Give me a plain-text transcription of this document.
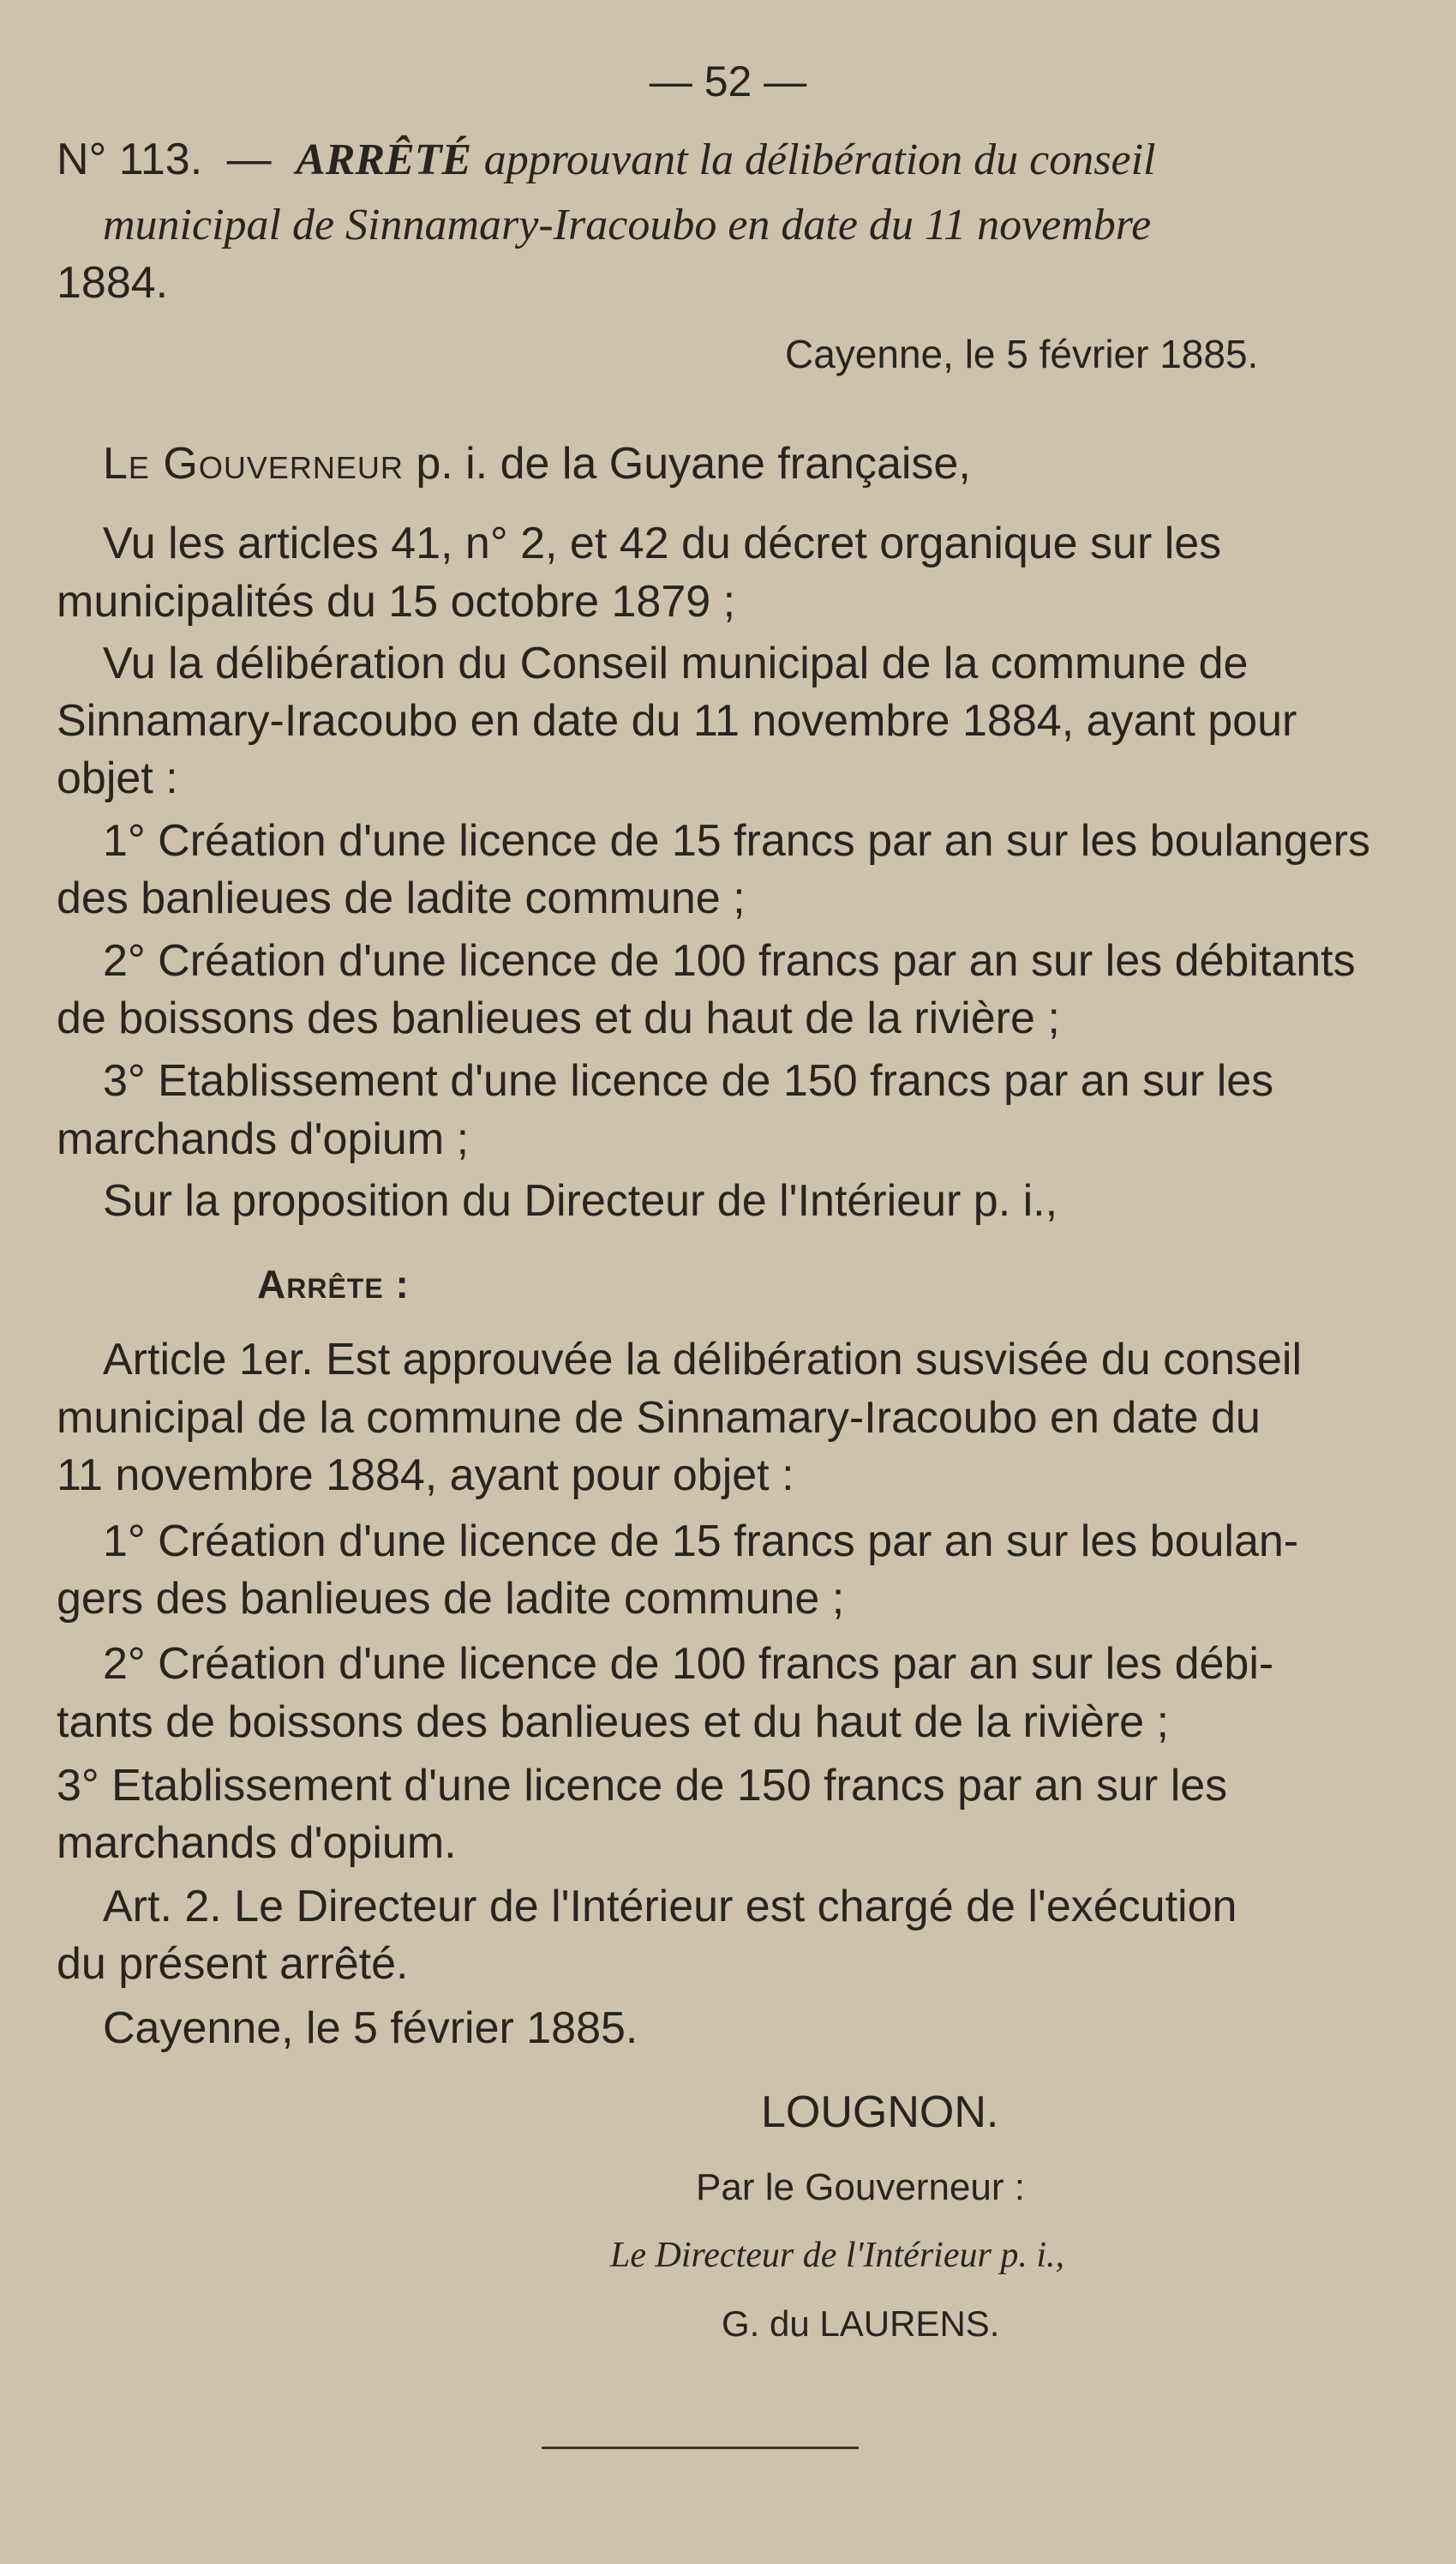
— 52 —
N° 113. — ARRÊTÉ approuvant la délibération du conseil
municipal de Sinnamary-Iracoubo en date du 11 novembre
1884.
Cayenne, le 5 février 1885.
Le Gouverneur p. i. de la Guyane française,
Vu les articles 41, n° 2, et 42 du décret organique sur les
municipalités du 15 octobre 1879 ;
Vu la délibération du Conseil municipal de la commune de
Sinnamary-Iracoubo en date du 11 novembre 1884, ayant pour
objet :
1° Création d'une licence de 15 francs par an sur les boulangers
des banlieues de ladite commune ;
2° Création d'une licence de 100 francs par an sur les débitants
de boissons des banlieues et du haut de la rivière ;
3° Etablissement d'une licence de 150 francs par an sur les
marchands d'opium ;
Sur la proposition du Directeur de l'Intérieur p. i.,
Arrête :
Article 1er. Est approuvée la délibération susvisée du conseil
municipal de la commune de Sinnamary-Iracoubo en date du
11 novembre 1884, ayant pour objet :
1° Création d'une licence de 15 francs par an sur les boulan-
gers des banlieues de ladite commune ;
2° Création d'une licence de 100 francs par an sur les débi-
tants de boissons des banlieues et du haut de la rivière ;
3° Etablissement d'une licence de 150 francs par an sur les
marchands d'opium.
Art. 2. Le Directeur de l'Intérieur est chargé de l'exécution
du présent arrêté.
Cayenne, le 5 février 1885.
LOUGNON.
Par le Gouverneur :
Le Directeur de l'Intérieur p. i.,
G. du LAURENS.
